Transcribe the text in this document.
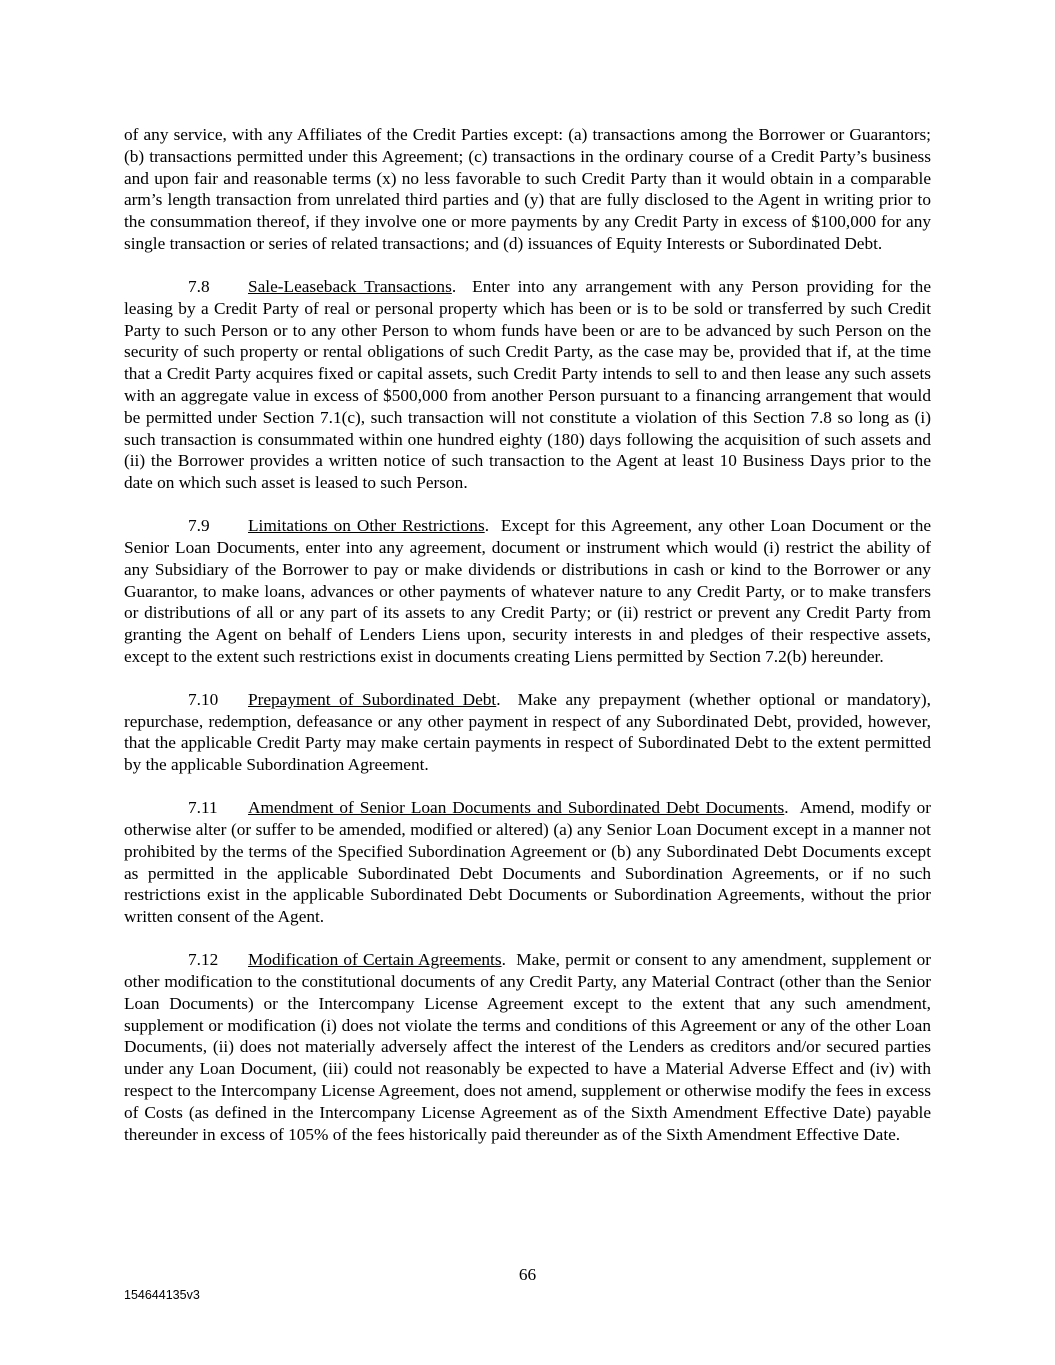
of any service, with any Affiliates of the Credit Parties except: (a) transactions among the Borrower or Guarantors; (b) transactions permitted under this Agreement; (c) transactions in the ordinary course of a Credit Party’s business and upon fair and reasonable terms (x) no less favorable to such Credit Party than it would obtain in a comparable arm’s length transaction from unrelated third parties and (y) that are fully disclosed to the Agent in writing prior to the consummation thereof, if they involve one or more payments by any Credit Party in excess of $100,000 for any single transaction or series of related transactions; and (d) issuances of Equity Interests or Subordinated Debt.

7.8 Sale-Leaseback Transactions.  Enter into any arrangement with any Person providing for the leasing by a Credit Party of real or personal property which has been or is to be sold or transferred by such Credit Party to such Person or to any other Person to whom funds have been or are to be advanced by such Person on the security of such property or rental obligations of such Credit Party, as the case may be, provided that if, at the time that a Credit Party acquires fixed or capital assets, such Credit Party intends to sell to and then lease any such assets with an aggregate value in excess of $500,000 from another Person pursuant to a financing arrangement that would be permitted under Section 7.1(c), such transaction will not constitute a violation of this Section 7.8 so long as (i) such transaction is consummated within one hundred eighty (180) days following the acquisition of such assets and (ii) the Borrower provides a written notice of such transaction to the Agent at least 10 Business Days prior to the date on which such asset is leased to such Person.

7.9 Limitations on Other Restrictions.  Except for this Agreement, any other Loan Document or the Senior Loan Documents, enter into any agreement, document or instrument which would (i) restrict the ability of any Subsidiary of the Borrower to pay or make dividends or distributions in cash or kind to the Borrower or any Guarantor, to make loans, advances or other payments of whatever nature to any Credit Party, or to make transfers or distributions of all or any part of its assets to any Credit Party; or (ii) restrict or prevent any Credit Party from granting the Agent on behalf of Lenders Liens upon, security interests in and pledges of their respective assets, except to the extent such restrictions exist in documents creating Liens permitted by Section 7.2(b) hereunder.

7.10 Prepayment of Subordinated Debt.  Make any prepayment (whether optional or mandatory), repurchase, redemption, defeasance or any other payment in respect of any Subordinated Debt, provided, however, that the applicable Credit Party may make certain payments in respect of Subordinated Debt to the extent permitted by the applicable Subordination Agreement.

7.11 Amendment of Senior Loan Documents and Subordinated Debt Documents.  Amend, modify or otherwise alter (or suffer to be amended, modified or altered) (a) any Senior Loan Document except in a manner not prohibited by the terms of the Specified Subordination Agreement or (b) any Subordinated Debt Documents except as permitted in the applicable Subordinated Debt Documents and Subordination Agreements, or if no such restrictions exist in the applicable Subordinated Debt Documents or Subordination Agreements, without the prior written consent of the Agent.

7.12 Modification of Certain Agreements.  Make, permit or consent to any amendment, supplement or other modification to the constitutional documents of any Credit Party, any Material Contract (other than the Senior Loan Documents) or the Intercompany License Agreement except to the extent that any such amendment, supplement or modification (i) does not violate the terms and conditions of this Agreement or any of the other Loan Documents, (ii) does not materially adversely affect the interest of the Lenders as creditors and/or secured parties under any Loan Document, (iii) could not reasonably be expected to have a Material Adverse Effect and (iv) with respect to the Intercompany License Agreement, does not amend, supplement or otherwise modify the fees in excess of Costs (as defined in the Intercompany License Agreement as of the Sixth Amendment Effective Date) payable thereunder in excess of 105% of the fees historically paid thereunder as of the Sixth Amendment Effective Date.

66
154644135v3
